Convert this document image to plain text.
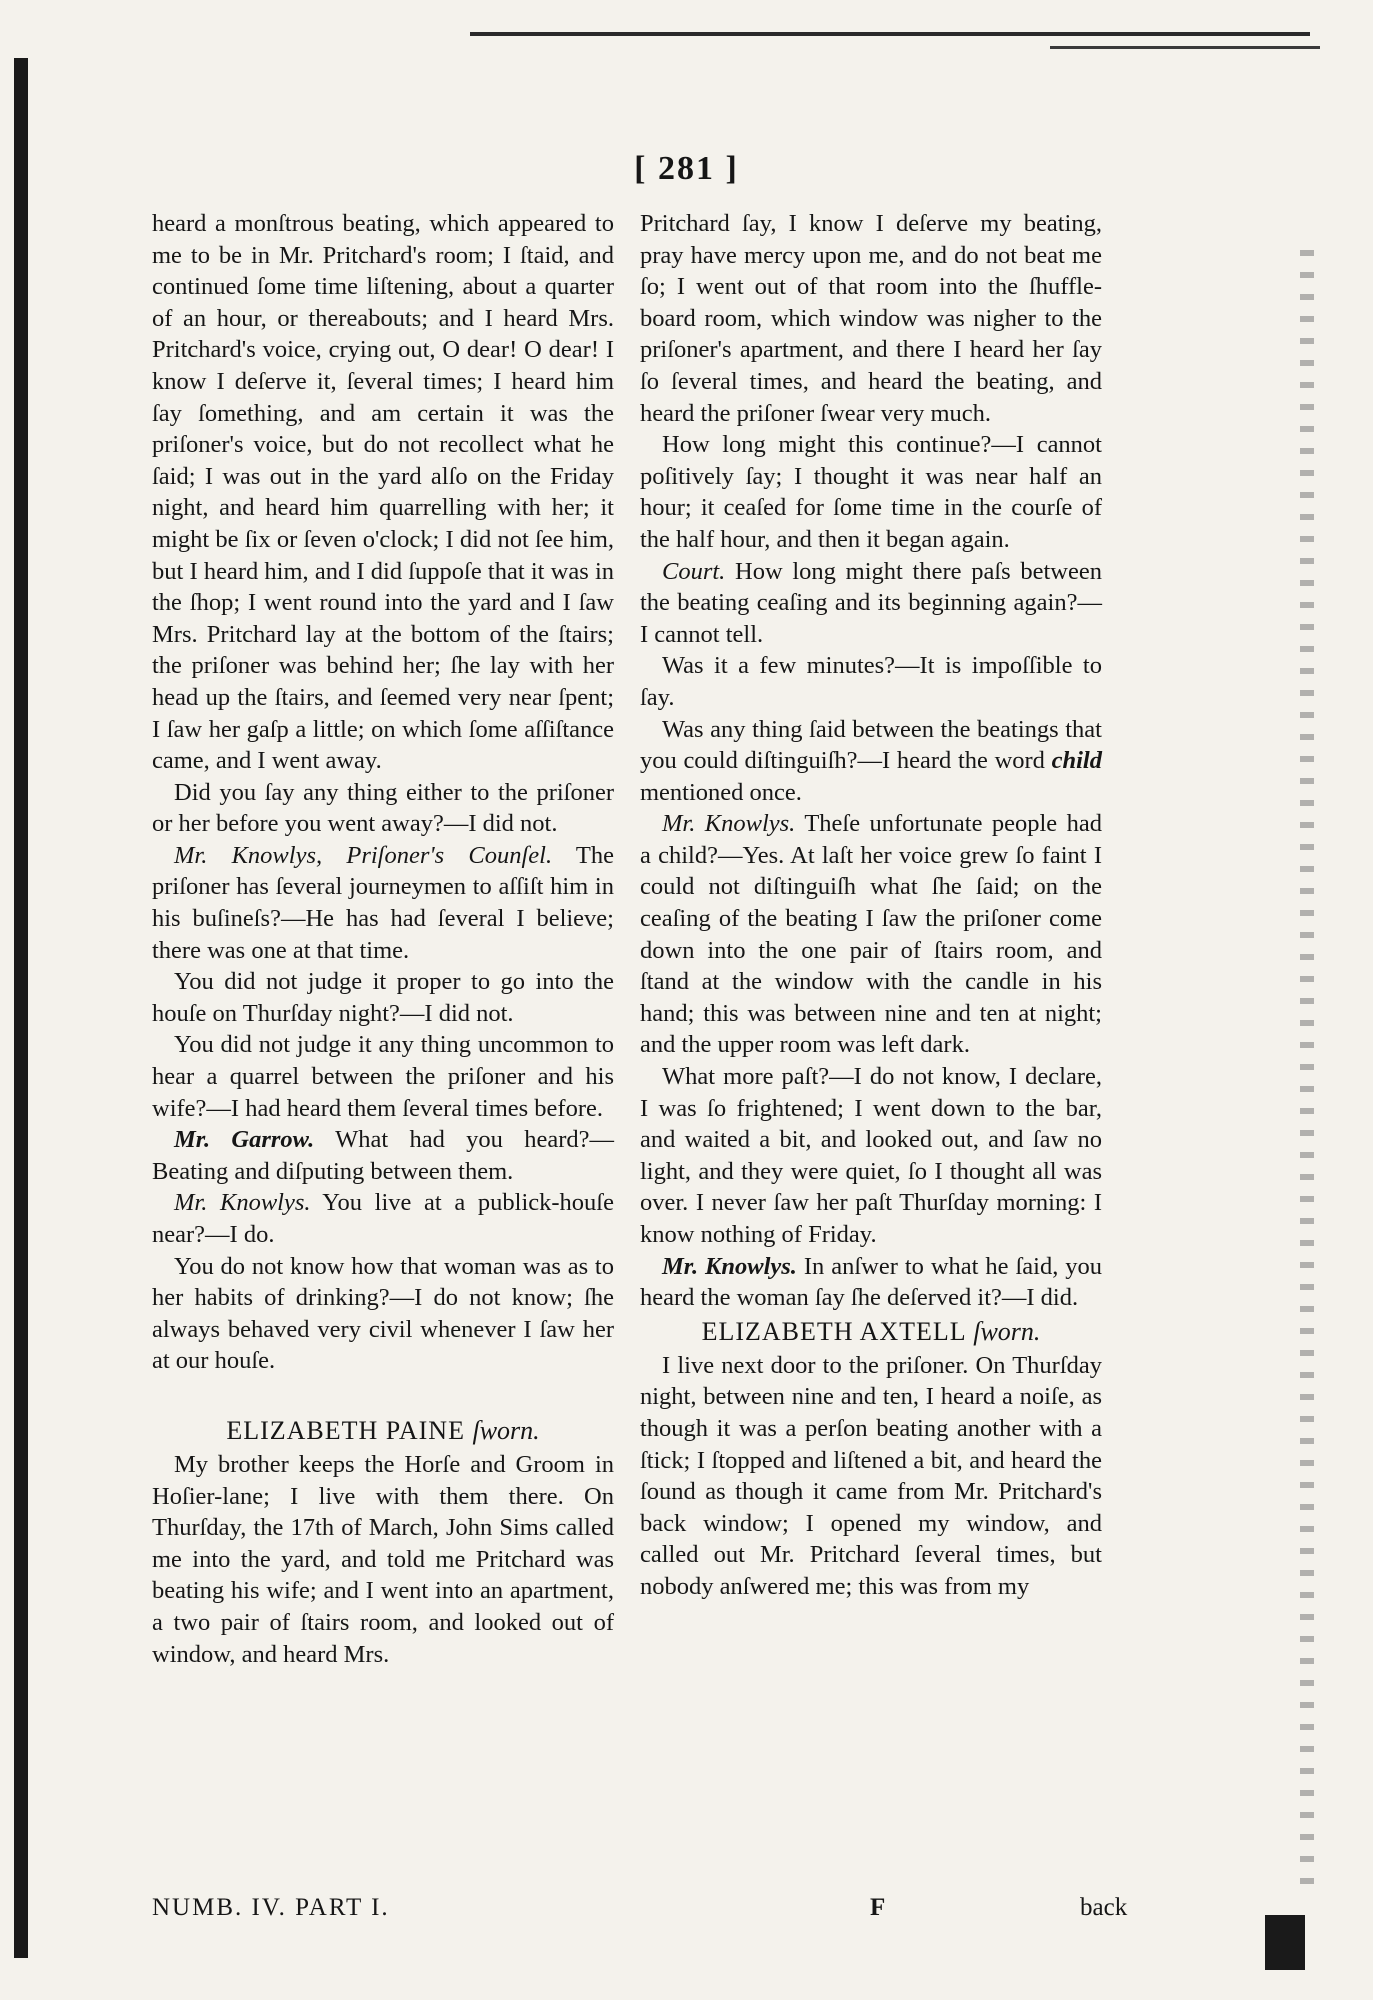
[ 281 ]

heard a monſtrous beating, which appeared to me to be in Mr. Pritchard's room; I ſtaid, and continued ſome time liſtening, about a quarter of an hour, or thereabouts; and I heard Mrs. Pritchard's voice, crying out, O dear! O dear! I know I deſerve it, ſeveral times; I heard him ſay ſomething, and am certain it was the priſoner's voice, but do not recollect what he ſaid; I was out in the yard alſo on the Friday night, and heard him quarrelling with her; it might be ſix or ſeven o'clock; I did not ſee him, but I heard him, and I did ſuppoſe that it was in the ſhop; I went round into the yard and I ſaw Mrs. Pritchard lay at the bottom of the ſtairs; the priſoner was behind her; ſhe lay with her head up the ſtairs, and ſeemed very near ſpent; I ſaw her gaſp a little; on which ſome aſſiſtance came, and I went away.

Did you ſay any thing either to the priſoner or her before you went away?—I did not.

Mr. Knowlys, Priſoner's Counſel. The priſoner has ſeveral journeymen to aſſiſt him in his buſineſs?—He has had ſeveral I believe; there was one at that time.

You did not judge it proper to go into the houſe on Thurſday night?—I did not.

You did not judge it any thing uncommon to hear a quarrel between the priſoner and his wife?—I had heard them ſeveral times before.

Mr. Garrow. What had you heard?—Beating and diſputing between them.

Mr. Knowlys. You live at a publick-houſe near?—I do.

You do not know how that woman was as to her habits of drinking?—I do not know; ſhe always behaved very civil whenever I ſaw her at our houſe.

ELIZABETH PAINE ſworn.

My brother keeps the Horſe and Groom in Hoſier-lane; I live with them there. On Thurſday, the 17th of March, John Sims called me into the yard, and told me Pritchard was beating his wife; and I went into an apartment, a two pair of ſtairs room, and looked out of window, and heard Mrs.

Pritchard ſay, I know I deſerve my beating, pray have mercy upon me, and do not beat me ſo; I went out of that room into the ſhuffle-board room, which window was nigher to the priſoner's apartment, and there I heard her ſay ſo ſeveral times, and heard the beating, and heard the priſoner ſwear very much.

How long might this continue?—I cannot poſitively ſay; I thought it was near half an hour; it ceaſed for ſome time in the courſe of the half hour, and then it began again.

Court. How long might there paſs between the beating ceaſing and its beginning again?—I cannot tell.

Was it a few minutes?—It is impoſſible to ſay.

Was any thing ſaid between the beatings that you could diſtinguiſh?—I heard the word child mentioned once.

Mr. Knowlys. Theſe unfortunate people had a child?—Yes. At laſt her voice grew ſo faint I could not diſtinguiſh what ſhe ſaid; on the ceaſing of the beating I ſaw the priſoner come down into the one pair of ſtairs room, and ſtand at the window with the candle in his hand; this was between nine and ten at night; and the upper room was left dark.

What more paſt?—I do not know, I declare, I was ſo frightened; I went down to the bar, and waited a bit, and looked out, and ſaw no light, and they were quiet, ſo I thought all was over. I never ſaw her paſt Thurſday morning: I know nothing of Friday.

Mr. Knowlys. In anſwer to what he ſaid, you heard the woman ſay ſhe deſerved it?—I did.

ELIZABETH AXTELL ſworn.

I live next door to the priſoner. On Thurſday night, between nine and ten, I heard a noiſe, as though it was a perſon beating another with a ſtick; I ſtopped and liſtened a bit, and heard the ſound as though it came from Mr. Pritchard's back window; I opened my window, and called out Mr. Pritchard ſeveral times, but nobody anſwered me; this was from my

NUMB. IV. PART I.	F	back
